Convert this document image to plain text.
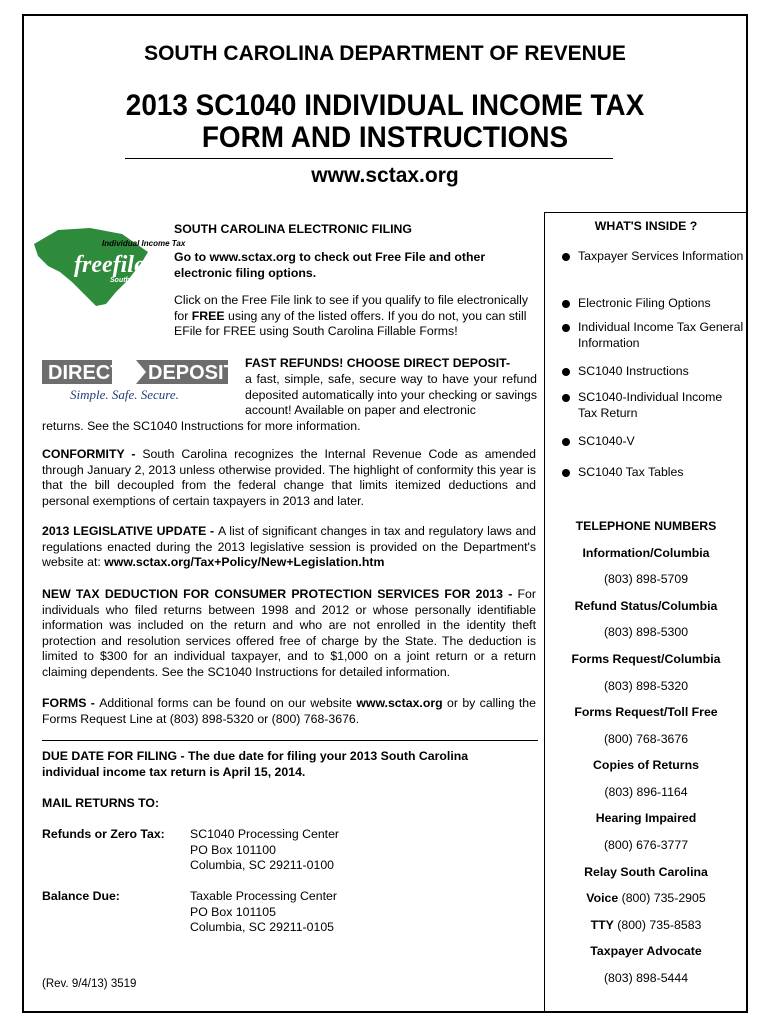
SOUTH CAROLINA DEPARTMENT OF REVENUE
2013 SC1040 INDIVIDUAL INCOME TAX
FORM AND INSTRUCTIONS
www.sctax.org
Individual Income Tax
freefile
South Carolina
SOUTH CAROLINA ELECTRONIC FILING
Go to www.sctax.org to check out Free File and other electronic filing options.
Click on the Free File link to see if you qualify to file electronically for FREE using any of the listed offers. If you do not, you can still EFile for FREE using South Carolina Fillable Forms!
DIRECT DEPOSIT
Simple. Safe. Secure.
FAST REFUNDS! CHOOSE DIRECT DEPOSIT-
a fast, simple, safe, secure way to have your refund deposited automatically into your checking or savings account! Available on paper and electronic
returns. See the SC1040 Instructions for more information.
CONFORMITY - South Carolina recognizes the Internal Revenue Code as amended through January 2, 2013 unless otherwise provided. The highlight of conformity this year is that the bill decoupled from the federal change that limits itemized deductions and personal exemptions of certain taxpayers in 2013 and later.
2013 LEGISLATIVE UPDATE - A list of significant changes in tax and regulatory laws and regulations enacted during the 2013 legislative session is provided on the Department's website at: www.sctax.org/Tax+Policy/New+Legislation.htm
NEW TAX DEDUCTION FOR CONSUMER PROTECTION SERVICES FOR 2013 - For individuals who filed returns between 1998 and 2012 or whose personally identifiable information was included on the return and who are not enrolled in the identity theft protection and resolution services offered free of charge by the State. The deduction is limited to $300 for an individual taxpayer, and to $1,000 on a joint return or a return claiming dependents. See the SC1040 Instructions for detailed information.
FORMS - Additional forms can be found on our website www.sctax.org or by calling the Forms Request Line at (803) 898-5320 or (800) 768-3676.
DUE DATE FOR FILING - The due date for filing your 2013 South Carolina individual income tax return is April 15, 2014.
MAIL RETURNS TO:
Refunds or Zero Tax: SC1040 Processing Center
PO Box 101100
Columbia, SC 29211-0100
Balance Due:	Taxable Processing Center
PO Box 101105
Columbia, SC 29211-0105
(Rev. 9/4/13) 3519
WHAT'S INSIDE ?
Taxpayer Services Information
Electronic Filing Options
Individual Income Tax General Information
SC1040 Instructions
SC1040-Individual Income Tax Return
SC1040-V
SC1040 Tax Tables
TELEPHONE NUMBERS
Information/Columbia
(803) 898-5709
Refund Status/Columbia
(803) 898-5300
Forms Request/Columbia
(803) 898-5320
Forms Request/Toll Free
(800) 768-3676
Copies of Returns
(803) 896-1164
Hearing Impaired
(800) 676-3777
Relay South Carolina
Voice (800) 735-2905
TTY (800) 735-8583
Taxpayer Advocate
(803) 898-5444
